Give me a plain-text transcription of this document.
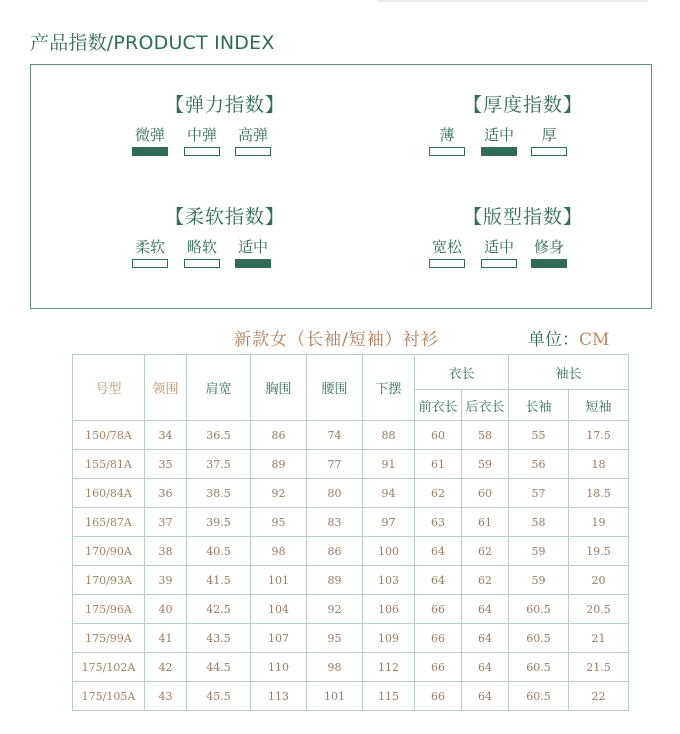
产品指数/PRODUCT INDEX
【弹力指数】
微弹 中弹 高弹
【厚度指数】
薄	适中	厚
【柔软指数】
柔软 略软 适中
【版型指数】
宽松 适中 修身
新款女（长袖/短袖）衬衫	单位：CM
号型	领围	肩宽	胸围	腰围	下摆	衣长		袖长	
						前衣长	后衣长	长袖	短袖
150/78A	34	36.5	86	74	88	60	58	55	17.5
155/81A	35	37.5	89	77	91	61	59	56	18
160/84A	36	38.5	92	80	94	62	60	57	18.5
165/87A	37	39.5	95	83	97	63	61	58	19
170/90A	38	40.5	98	86	100	64	62	59	19.5
170/93A	39	41.5	101	89	103	64	62	59	20
175/96A	40	42.5	104	92	106	66	64	60.5	20.5
175/99A	41	43.5	107	95	109	66	64	60.5	21
175/102A	42	44.5	110	98	112	66	64	60.5	21.5
175/105A	43	45.5	113	101	115	66	64	60.5	22
